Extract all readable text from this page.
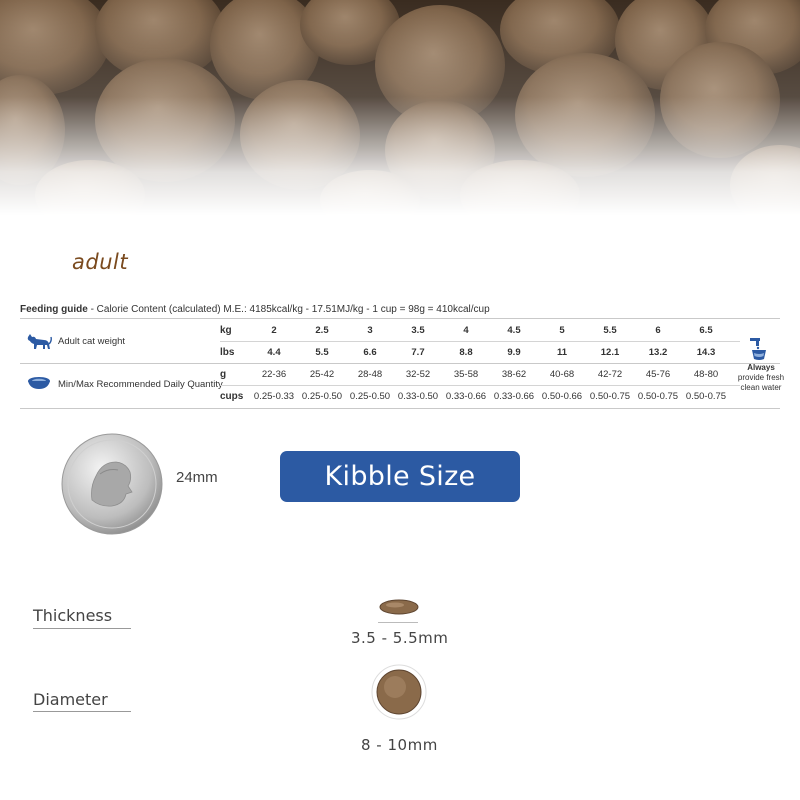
adult
Feeding guide - Calorie Content (calculated) M.E.: 4185kcal/kg - 17.51MJ/kg - 1 cup = 98g = 410kcal/cup
Adult cat weight
Min/Max Recommended Daily Quantity
kg	2	2.5	3	3.5	4	4.5	5	5.5	6	6.5
lbs	4.4	5.5	6.6	7.7	8.8	9.9	11	12.1	13.2	14.3
g	22-36	25-42	28-48	32-52	35-58	38-62	40-68	42-72	45-76	48-80
cups	0.25-0.33 0.25-0.50 0.25-0.50 0.33-0.50 0.33-0.66 0.33-0.66 0.50-0.66 0.50-0.75 0.50-0.75 0.50-0.75
Always
provide fresh
clean water
24mm	Kibble Size
Thickness
3.5 - 5.5mm
Diameter
8 - 10mm
